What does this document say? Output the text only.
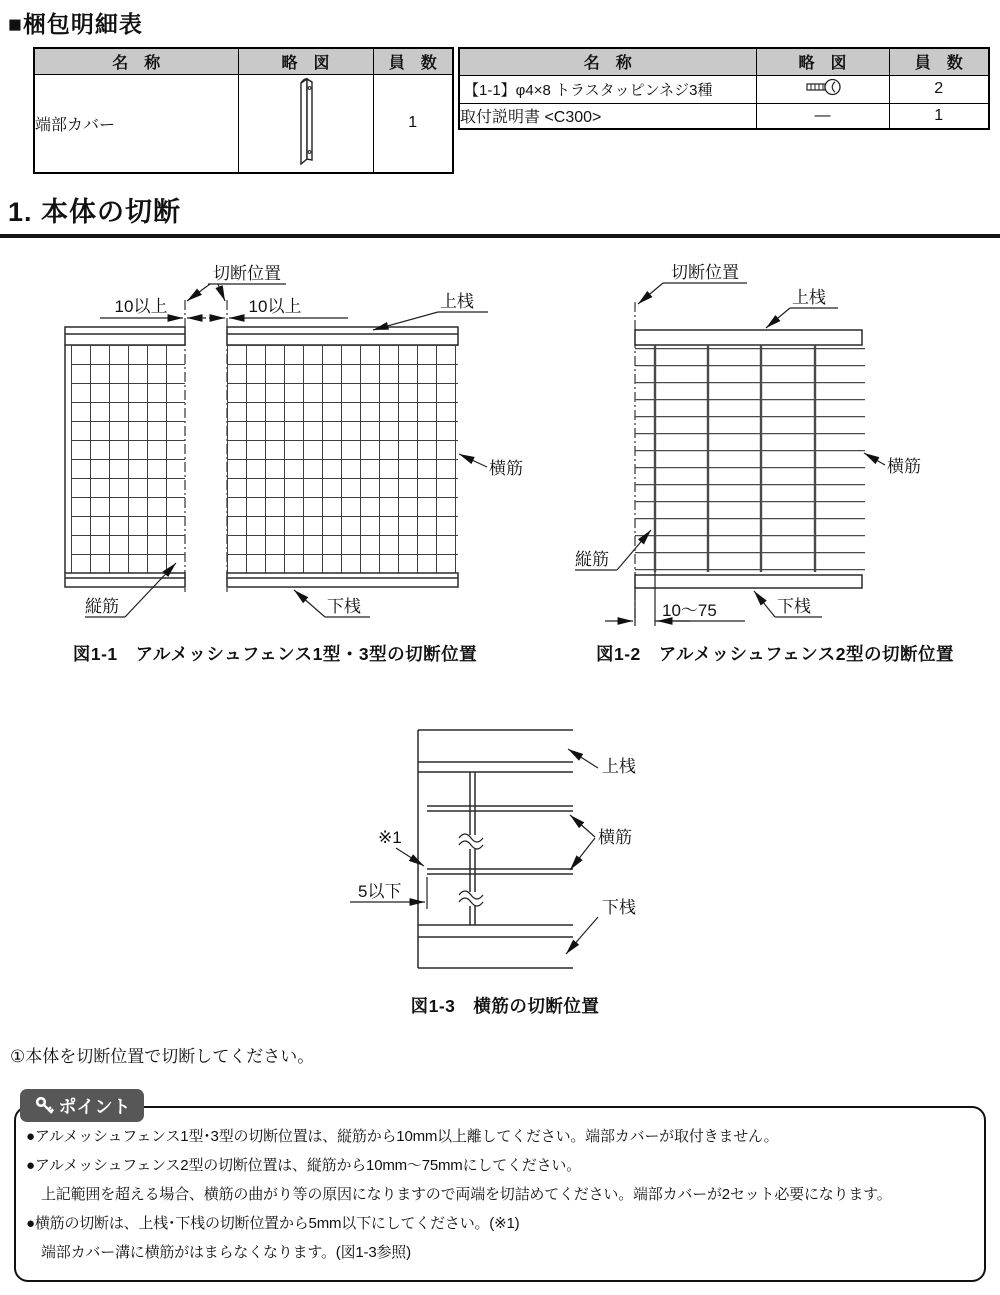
■梱包明細表
名　称	略　図	員　数
端部カバー		1
名　称	略　図	員　数
【1-1】φ4×8 トラスタッピンネジ3種		2
取付説明書 <C300>	―	1
1. 本体の切断
切断位置
10以上	10以上	上桟
横筋
縦筋	下桟
図1-1　アルメッシュフェンス1型・3型の切断位置
切断位置
上桟
横筋
縦筋
10〜75	下桟
図1-2　アルメッシュフェンス2型の切断位置
※1
5以下
上桟
横筋
下桟
図1-3　横筋の切断位置
①本体を切断位置で切断してください。
ポイント
●アルメッシュフェンス1型･3型の切断位置は、縦筋から10mm以上離してください。端部カバーが取付きません。
●アルメッシュフェンス2型の切断位置は、縦筋から10mm〜75mmにしてください。
上記範囲を超える場合、横筋の曲がり等の原因になりますので両端を切詰めてください。端部カバーが2セット必要になります。
●横筋の切断は、上桟･下桟の切断位置から5mm以下にしてください。(※1)
端部カバー溝に横筋がはまらなくなります。(図1-3参照)
